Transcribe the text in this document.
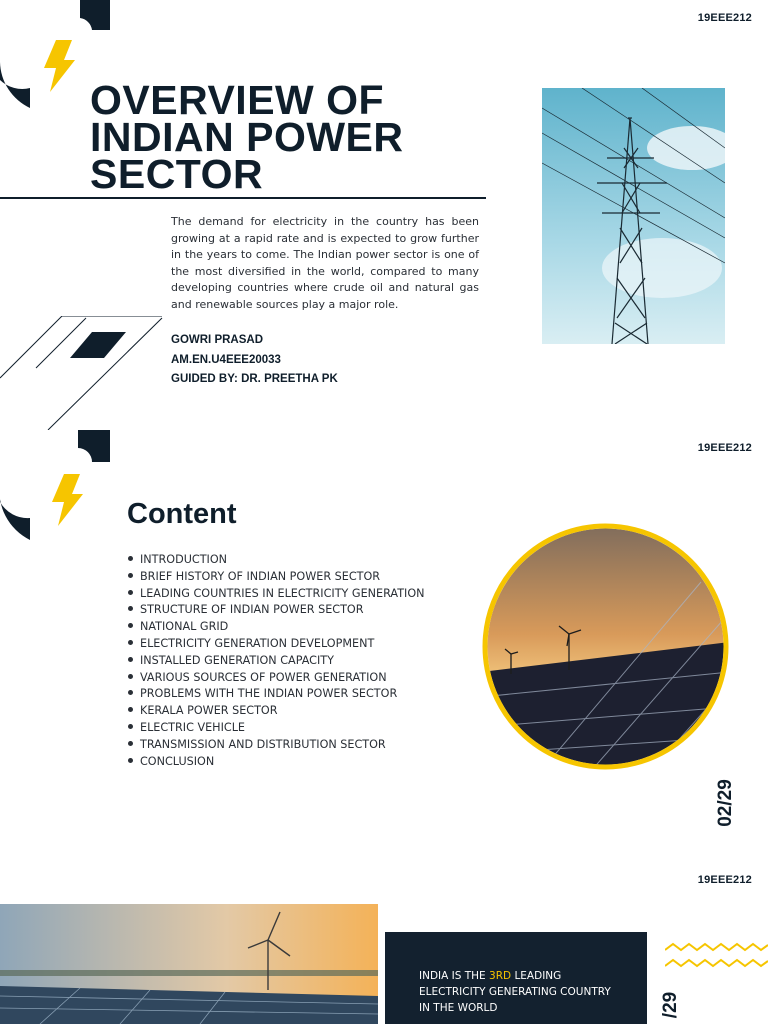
19EEE212
OVERVIEW OF INDIAN POWER SECTOR

The demand for electricity in the country has been growing at a rapid rate and is expected to grow further in the years to come. The Indian power sector is one of the most diversified in the world, compared to many developing countries where crude oil and natural gas and renewable sources play a major role.

GOWRI PRASAD
AM.EN.U4EEE20033
GUIDED BY: DR. PREETHA PK
19EEE212
Content
INTRODUCTION
BRIEF HISTORY OF INDIAN POWER SECTOR
LEADING COUNTRIES IN ELECTRICITY GENERATION
STRUCTURE OF INDIAN POWER SECTOR
NATIONAL GRID
ELECTRICITY GENERATION DEVELOPMENT
INSTALLED GENERATION CAPACITY
VARIOUS SOURCES OF POWER GENERATION
PROBLEMS WITH THE INDIAN POWER SECTOR
KERALA POWER SECTOR
ELECTRIC VEHICLE
TRANSMISSION AND DISTRIBUTION SECTOR
CONCLUSION
02/29
19EEE212

INDIA IS THE 3RD LEADING ELECTRICITY GENERATING COUNTRY IN THE WORLD	/29
